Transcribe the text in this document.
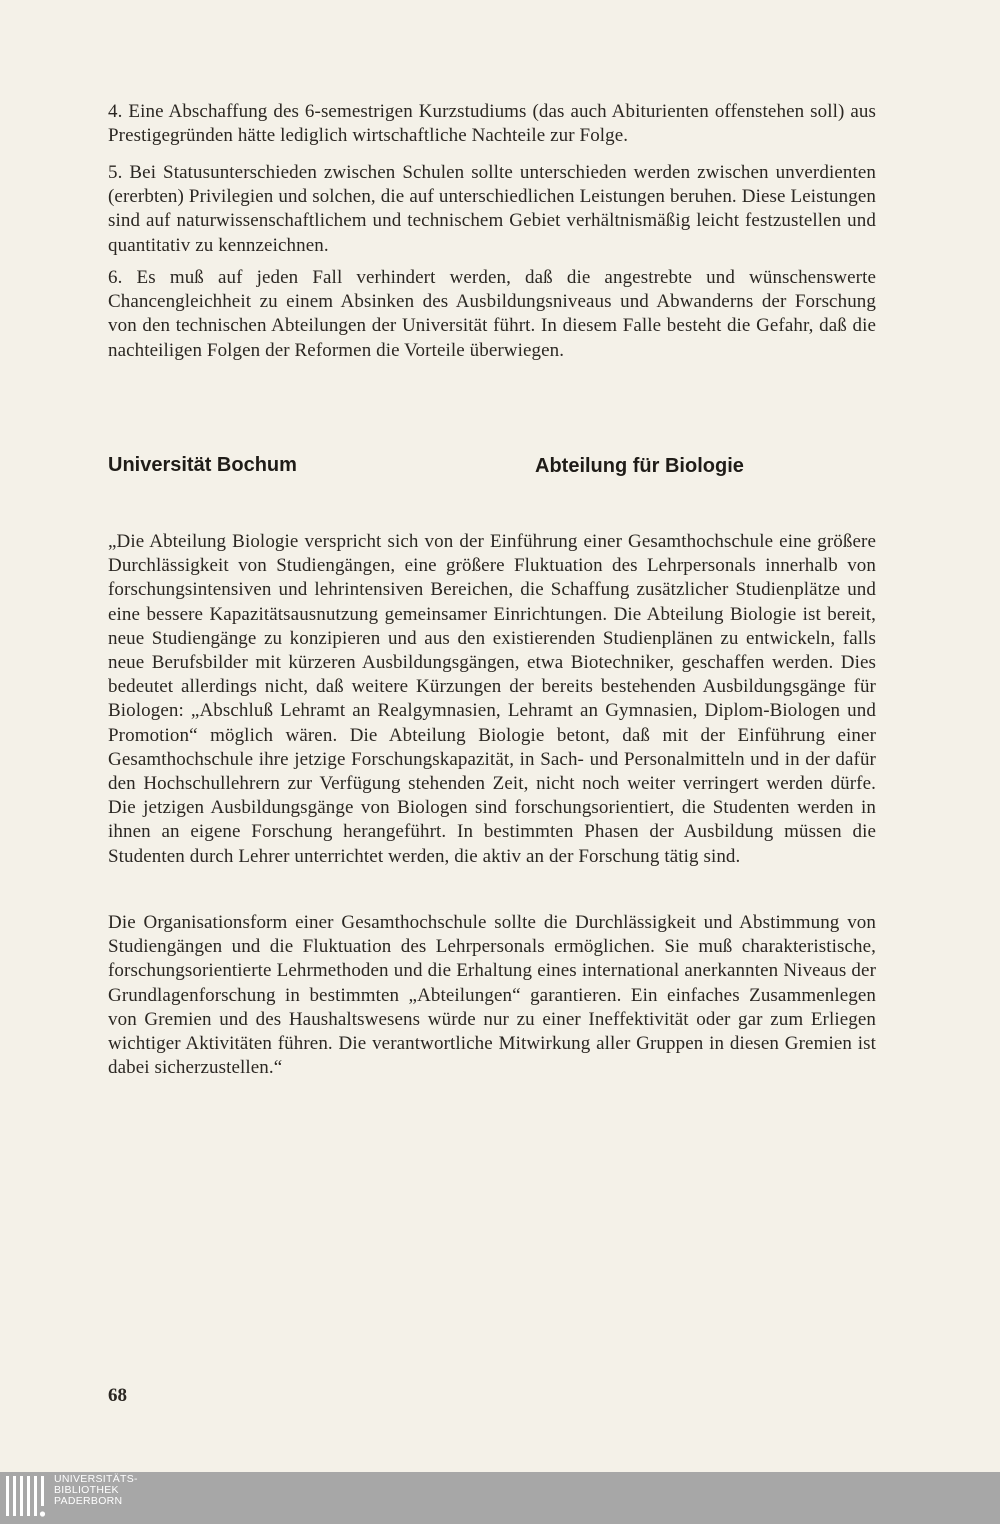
4. Eine Abschaffung des 6-semestrigen Kurzstudiums (das auch Abiturienten offenstehen soll) aus Prestigegründen hätte lediglich wirtschaftliche Nachteile zur Folge.

5. Bei Statusunterschieden zwischen Schulen sollte unterschieden werden zwischen unverdienten (ererbten) Privilegien und solchen, die auf unterschiedlichen Leistungen beruhen. Diese Leistungen sind auf naturwissenschaftlichem und technischem Gebiet verhältnismäßig leicht festzustellen und quantitativ zu kennzeichnen.

6. Es muß auf jeden Fall verhindert werden, daß die angestrebte und wünschenswerte Chancengleichheit zu einem Absinken des Ausbildungsniveaus und Abwanderns der Forschung von den technischen Abteilungen der Universität führt. In diesem Falle besteht die Gefahr, daß die nachteiligen Folgen der Reformen die Vorteile überwiegen.

Universität Bochum	Abteilung für Biologie

„Die Abteilung Biologie verspricht sich von der Einführung einer Gesamthochschule eine größere Durchlässigkeit von Studiengängen, eine größere Fluktuation des Lehrpersonals innerhalb von forschungsintensiven und lehrintensiven Bereichen, die Schaffung zusätzlicher Studienplätze und eine bessere Kapazitätsausnutzung gemeinsamer Einrichtungen. Die Abteilung Biologie ist bereit, neue Studiengänge zu konzipieren und aus den existierenden Studienplänen zu entwickeln, falls neue Berufsbilder mit kürzeren Ausbildungsgängen, etwa Biotechniker, geschaffen werden. Dies bedeutet allerdings nicht, daß weitere Kürzungen der bereits bestehenden Ausbildungsgänge für Biologen: „Abschluß Lehramt an Realgymnasien, Lehramt an Gymnasien, Diplom-Biologen und Promotion“ möglich wären. Die Abteilung Biologie betont, daß mit der Einführung einer Gesamthochschule ihre jetzige Forschungskapazität, in Sach- und Personalmitteln und in der dafür den Hochschullehrern zur Verfügung stehenden Zeit, nicht noch weiter verringert werden dürfe. Die jetzigen Ausbildungsgänge von Biologen sind forschungsorientiert, die Studenten werden in ihnen an eigene Forschung herangeführt. In bestimmten Phasen der Ausbildung müssen die Studenten durch Lehrer unterrichtet werden, die aktiv an der Forschung tätig sind.

Die Organisationsform einer Gesamthochschule sollte die Durchlässigkeit und Abstimmung von Studiengängen und die Fluktuation des Lehrpersonals ermöglichen. Sie muß charakteristische, forschungsorientierte Lehrmethoden und die Erhaltung eines international anerkannten Niveaus der Grundlagenforschung in bestimmten „Abteilungen“ garantieren. Ein einfaches Zusammenlegen von Gremien und des Haushaltswesens würde nur zu einer Ineffektivität oder gar zum Erliegen wichtiger Aktivitäten führen. Die verantwortliche Mitwirkung aller Gruppen in diesen Gremien ist dabei sicherzustellen.“

68

UNIVERSITÄTS-
BIBLIOTHEK
PADERBORN
